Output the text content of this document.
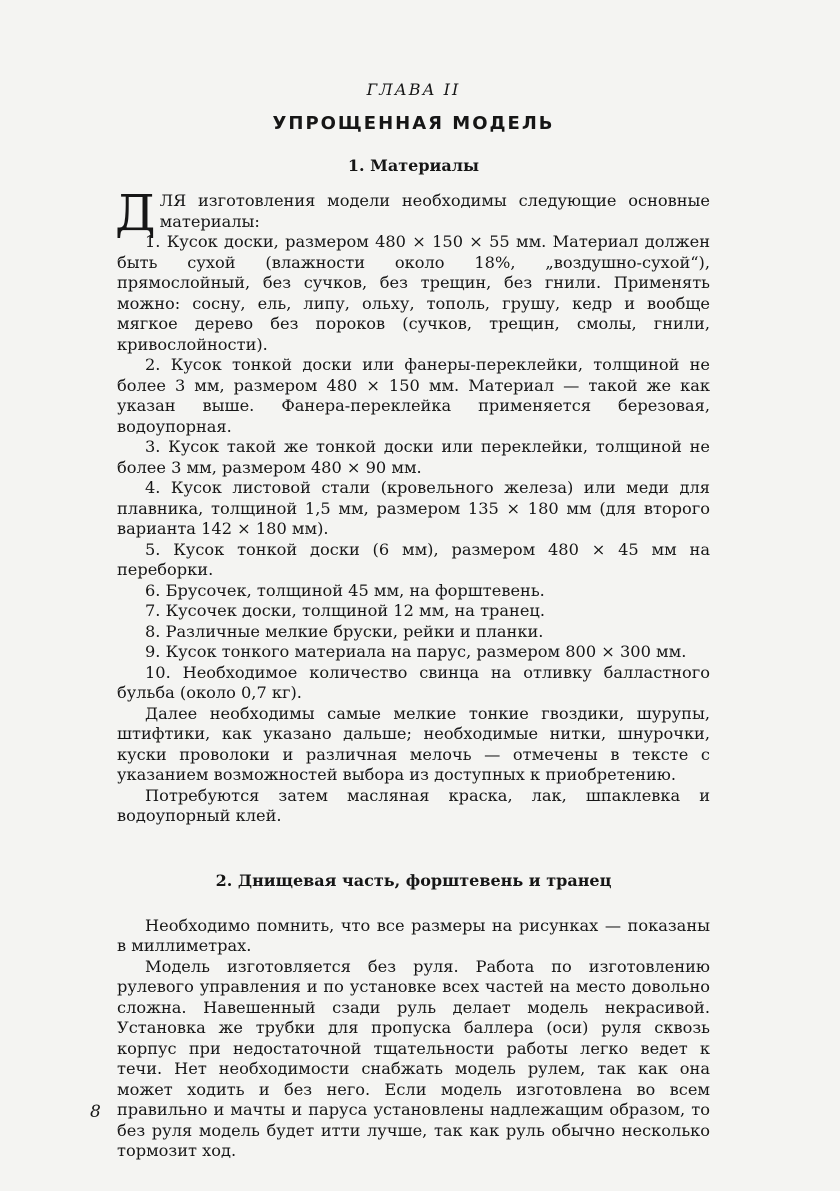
ГЛАВА II
УПРОЩЕННАЯ МОДЕЛЬ
1. Материалы

ДЛЯ изготовления модели необходимы следующие основные материалы:

1. Кусок доски, размером 480 × 150 × 55 мм. Материал должен быть сухой (влажности около 18%, „воздушно-сухой“), прямослойный, без сучков, без трещин, без гнили. Применять можно: сосну, ель, липу, ольху, тополь, грушу, кедр и вообще мягкое дерево без пороков (сучков, трещин, смолы, гнили, кривослойности).

2. Кусок тонкой доски или фанеры-переклейки, толщиной не более 3 мм, размером 480 × 150 мм. Материал — такой же как указан выше. Фанера-переклейка применяется березовая, водоупорная.

3. Кусок такой же тонкой доски или переклейки, толщиной не более 3 мм, размером 480 × 90 мм.

4. Кусок листовой стали (кровельного железа) или меди для плавника, толщиной 1,5 мм, размером 135 × 180 мм (для второго варианта 142 × 180 мм).

5. Кусок тонкой доски (6 мм), размером 480 × 45 мм на переборки.

6. Брусочек, толщиной 45 мм, на форштевень.

7. Кусочек доски, толщиной 12 мм, на транец.

8. Различные мелкие бруски, рейки и планки.

9. Кусок тонкого материала на парус, размером 800 × 300 мм.

10. Необходимое количество свинца на отливку балластного бульба (около 0,7 кг).

Далее необходимы самые мелкие тонкие гвоздики, шурупы, штифтики, как указано дальше; необходимые нитки, шнурочки, куски проволоки и различная мелочь — отмечены в тексте с указанием возможностей выбора из доступных к приобретению.

Потребуются затем масляная краска, лак, шпаклевка и водоупорный клей.

2. Днищевая часть, форштевень и транец

Необходимо помнить, что все размеры на рисунках — показаны в миллиметрах.

Модель изготовляется без руля. Работа по изготовлению рулевого управления и по установке всех частей на место довольно сложна. Навешенный сзади руль делает модель некрасивой. Установка же трубки для пропуска баллера (оси) руля сквозь корпус при недостаточной тщательности работы легко ведет к течи. Нет необходимости снабжать модель рулем, так как она может ходить и без него. Если модель изготовлена во всем правильно и мачты и паруса установлены надлежащим образом, то без руля модель будет итти лучше, так как руль обычно несколько тормозит ход.

8
